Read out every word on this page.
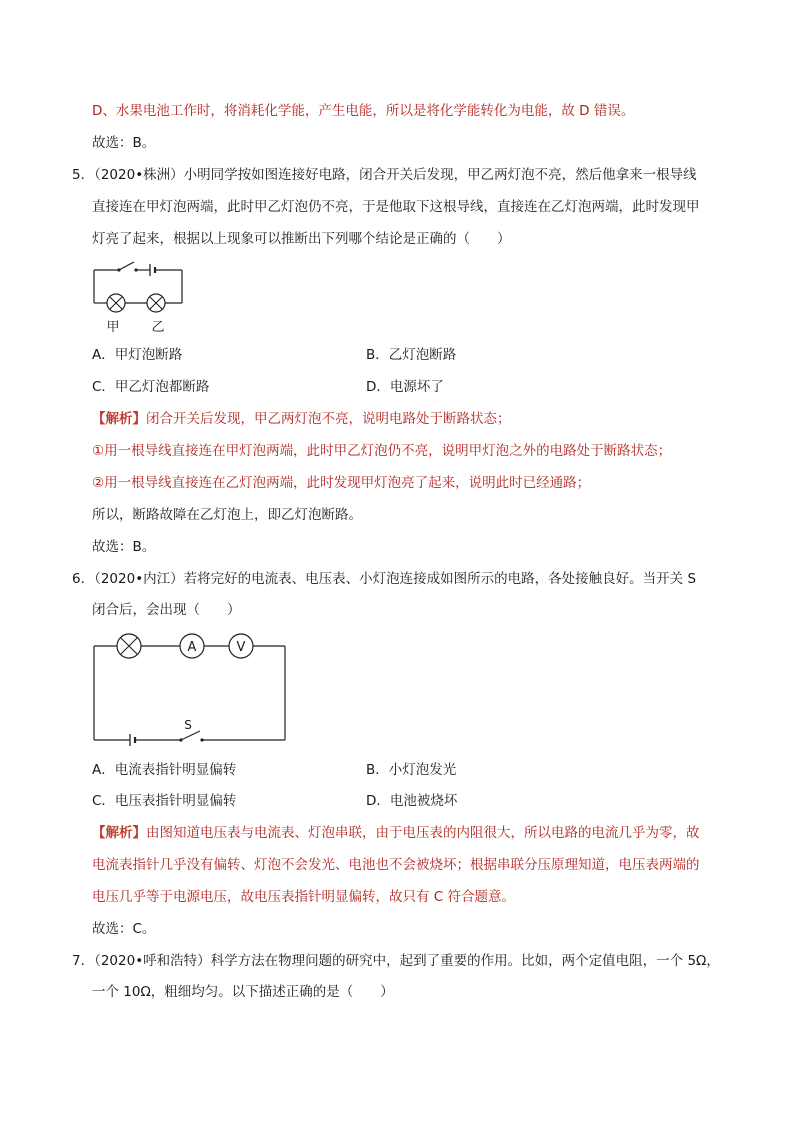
D、水果电池工作时，将消耗化学能，产生电能，所以是将化学能转化为电能，故 D 错误。
故选：B。
5．（2020•株洲）小明同学按如图连接好电路，闭合开关后发现，甲乙两灯泡不亮，然后他拿来一根导线
直接连在甲灯泡两端，此时甲乙灯泡仍不亮，于是他取下这根导线，直接连在乙灯泡两端，此时发现甲
灯亮了起来，根据以上现象可以推断出下列哪个结论是正确的（　　）
甲 乙
A．甲灯泡断路	B．乙灯泡断路
C．甲乙灯泡都断路	D．电源坏了
【解析】闭合开关后发现，甲乙两灯泡不亮，说明电路处于断路状态；
①用一根导线直接连在甲灯泡两端，此时甲乙灯泡仍不亮，说明甲灯泡之外的电路处于断路状态；
②用一根导线直接连在乙灯泡两端，此时发现甲灯泡亮了起来，说明此时已经通路；
所以，断路故障在乙灯泡上，即乙灯泡断路。
故选：B。
6．（2020•内江）若将完好的电流表、电压表、小灯泡连接成如图所示的电路，各处接触良好。当开关 S
闭合后，会出现（　　）
A	V
S
A．电流表指针明显偏转	B．小灯泡发光
C．电压表指针明显偏转	D．电池被烧坏
【解析】由图知道电压表与电流表、灯泡串联，由于电压表的内阻很大，所以电路的电流几乎为零，故
电流表指针几乎没有偏转、灯泡不会发光、电池也不会被烧坏；根据串联分压原理知道，电压表两端的
电压几乎等于电源电压，故电压表指针明显偏转，故只有 C 符合题意。
故选：C。
7．（2020•呼和浩特）科学方法在物理问题的研究中，起到了重要的作用。比如，两个定值电阻，一个 5Ω，
一个 10Ω，粗细均匀。以下描述正确的是（　　）
